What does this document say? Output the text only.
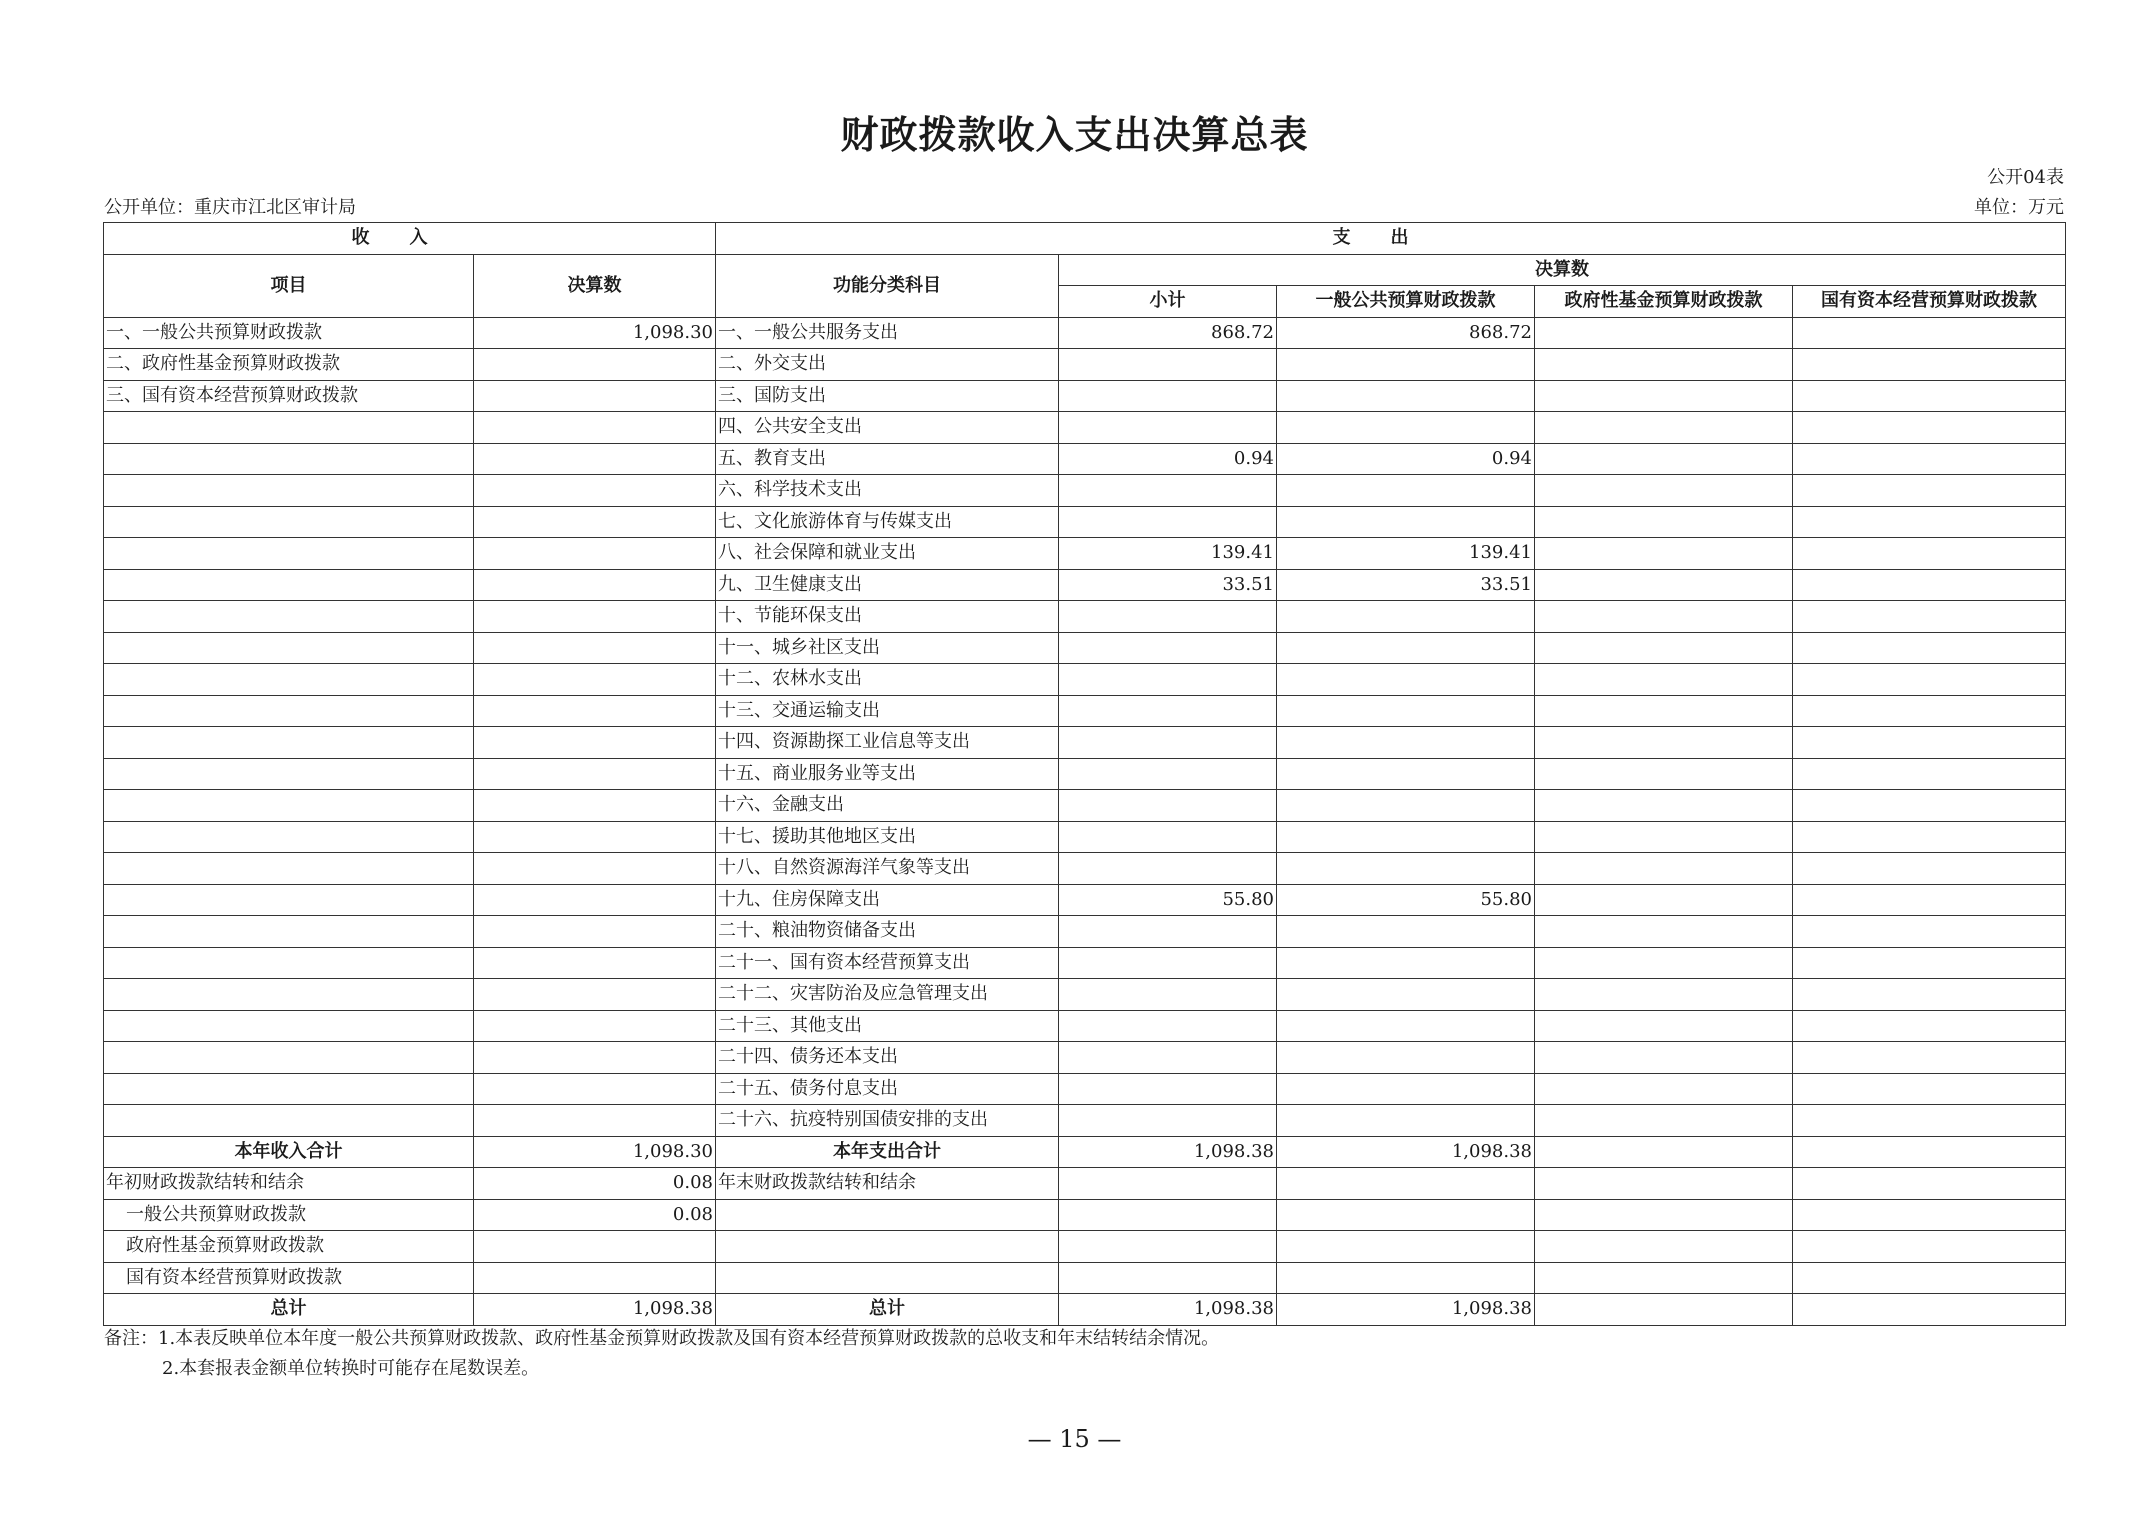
财政拨款收入支出决算总表
公开04表
公开单位：重庆市江北区审计局	单位：万元
收入		支出				
项目	决算数	功能分类科目	决算数			
			小计	一般公共预算财政拨款	政府性基金预算财政拨款	国有资本经营预算财政拨款
一、一般公共预算财政拨款	1,098.30	一、一般公共服务支出	868.72	868.72		
二、政府性基金预算财政拨款		二、外交支出				
三、国有资本经营预算财政拨款		三、国防支出				
		四、公共安全支出				
		五、教育支出	0.94	0.94		
		六、科学技术支出				
		七、文化旅游体育与传媒支出				
		八、社会保障和就业支出	139.41	139.41		
		九、卫生健康支出	33.51	33.51		
		十、节能环保支出				
		十一、城乡社区支出				
		十二、农林水支出				
		十三、交通运输支出				
		十四、资源勘探工业信息等支出				
		十五、商业服务业等支出				
		十六、金融支出				
		十七、援助其他地区支出				
		十八、自然资源海洋气象等支出				
		十九、住房保障支出	55.80	55.80		
		二十、粮油物资储备支出				
		二十一、国有资本经营预算支出				
		二十二、灾害防治及应急管理支出				
		二十三、其他支出				
		二十四、债务还本支出				
		二十五、债务付息支出				
		二十六、抗疫特别国债安排的支出				
本年收入合计	1,098.30	本年支出合计	1,098.38	1,098.38		
年初财政拨款结转和结余	0.08	年末财政拨款结转和结余				
一般公共预算财政拨款	0.08					
政府性基金预算财政拨款						
国有资本经营预算财政拨款						
总计	1,098.38	总计	1,098.38	1,098.38		
备注：1.本表反映单位本年度一般公共预算财政拨款、政府性基金预算财政拨款及国有资本经营预算财政拨款的总收支和年末结转结余情况。
2.本套报表金额单位转换时可能存在尾数误差。
— 15 —
